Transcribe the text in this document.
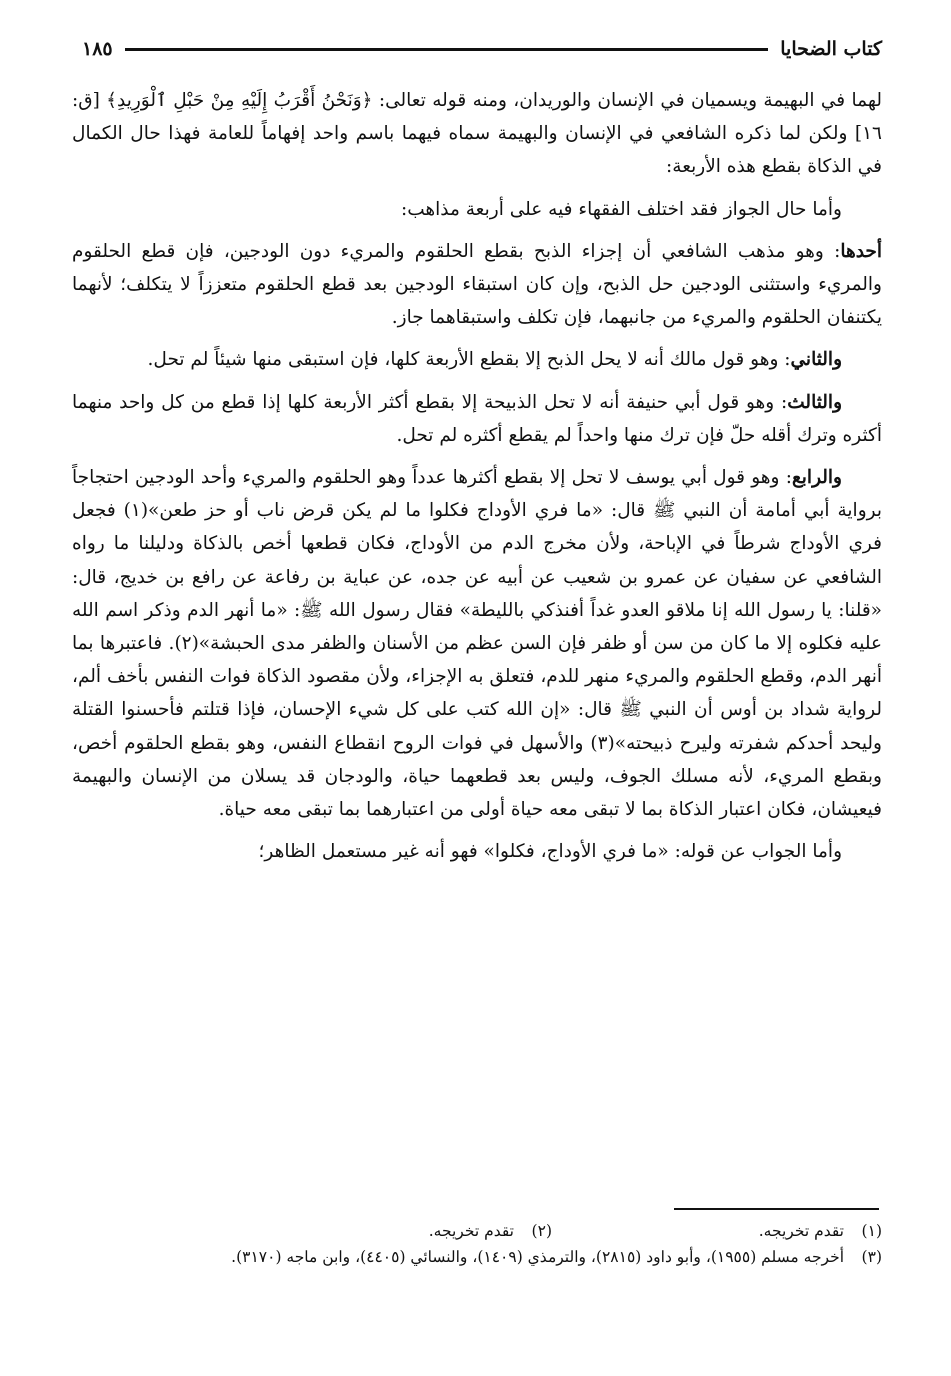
كتاب الضحايا
١٨٥

لهما في البهيمة ويسميان في الإنسان والوريدان، ومنه قوله تعالى: ﴿وَنَحْنُ أَقْرَبُ إِلَيْهِ مِنْ حَبْلِ ٱلْوَرِيدِ﴾ [ق: ١٦] ولكن لما ذكره الشافعي في الإنسان والبهيمة سماه فيهما باسم واحد إفهاماً للعامة فهذا حال الكمال في الذكاة بقطع هذه الأربعة:

وأما حال الجواز فقد اختلف الفقهاء فيه على أربعة مذاهب:

أحدها: وهو مذهب الشافعي أن إجزاء الذبح بقطع الحلقوم والمريء دون الودجين، فإن قطع الحلقوم والمريء واستثنى الودجين حل الذبح، وإن كان استبقاء الودجين بعد قطع الحلقوم متعززاً لا يتكلف؛ لأنهما يكتنفان الحلقوم والمريء من جانبهما، فإن تكلف واستبقاهما جاز.

والثاني: وهو قول مالك أنه لا يحل الذبح إلا بقطع الأربعة كلها، فإن استبقى منها شيئاً لم تحل.

والثالث: وهو قول أبي حنيفة أنه لا تحل الذبيحة إلا بقطع أكثر الأربعة كلها إذا قطع من كل واحد منهما أكثره وترك أقله حلّ فإن ترك منها واحداً لم يقطع أكثره لم تحل.

والرابع: وهو قول أبي يوسف لا تحل إلا بقطع أكثرها عدداً وهو الحلقوم والمريء وأحد الودجين احتجاجاً برواية أبي أمامة أن النبي ﷺ قال: «ما فري الأوداج فكلوا ما لم يكن قرض ناب أو حز طعن»(١) فجعل فري الأوداج شرطاً في الإباحة، ولأن مخرج الدم من الأوداج، فكان قطعها أخص بالذكاة ودليلنا ما رواه الشافعي عن سفيان عن عمرو بن شعيب عن أبيه عن جده، عن عباية بن رفاعة عن رافع بن خديج، قال: «قلنا: يا رسول الله إنا ملاقو العدو غداً أفنذكي بالليطة» فقال رسول الله ﷺ: «ما أنهر الدم وذكر اسم الله عليه فكلوه إلا ما كان من سن أو ظفر فإن السن عظم من الأسنان والظفر مدى الحبشة»(٢). فاعتبرها بما أنهر الدم، وقطع الحلقوم والمريء منهر للدم، فتعلق به الإجزاء، ولأن مقصود الذكاة فوات النفس بأخف ألم، لرواية شداد بن أوس أن النبي ﷺ قال: «إن الله كتب على كل شيء الإحسان، فإذا قتلتم فأحسنوا القتلة وليحد أحدكم شفرته وليرح ذبيحته»(٣) والأسهل في فوات الروح انقطاع النفس، وهو بقطع الحلقوم أخص، وبقطع المريء، لأنه مسلك الجوف، وليس بعد قطعهما حياة، والودجان قد يسلان من الإنسان والبهيمة فيعيشان، فكان اعتبار الذكاة بما لا تبقى معه حياة أولى من اعتبارهما بما تبقى معه حياة.

وأما الجواب عن قوله: «ما فري الأوداج، فكلوا» فهو أنه غير مستعمل الظاهر؛

(١)
تقدم تخريجه.
(٢)
تقدم تخريجه.
(٣)
أخرجه مسلم (١٩٥٥)، وأبو داود (٢٨١٥)، والترمذي (١٤٠٩)، والنسائي (٤٤٠٥)، وابن ماجه (٣١٧٠).
